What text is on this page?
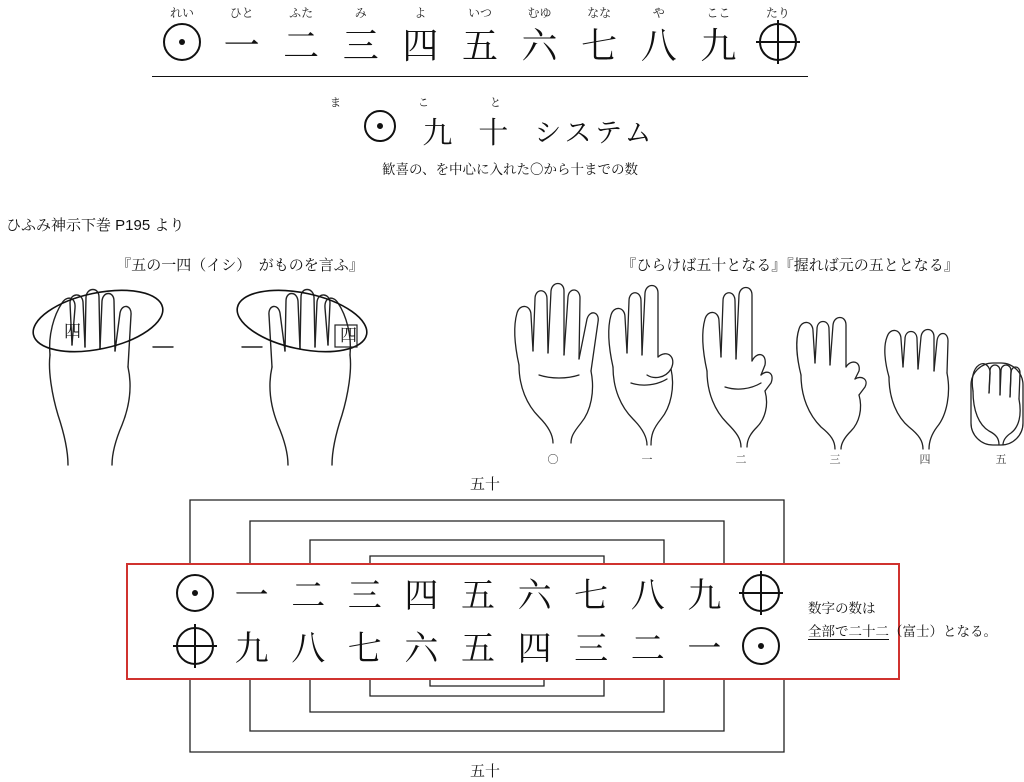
れい	ひと	ふた	み	よ	いつ	むゆ	なな	や	ここ	たり
一 二 三 四 五 六 七 八 九
ま	こ	と
九 十 システム
歓喜の、を中心に入れた〇から十までの数
ひふみ神示下巻 P195 より
『五の一四（イシ）　がものを言ふ』	『ひらけば五十となる』『握れば元の五ととなる』
四	四
〇	一	二	三	四	五
五十
五十
一 二 三 四 五 六 七 八 九
九 八 七 六 五 四 三 二 一
数字の数は
全部で二十二（富士）となる。
